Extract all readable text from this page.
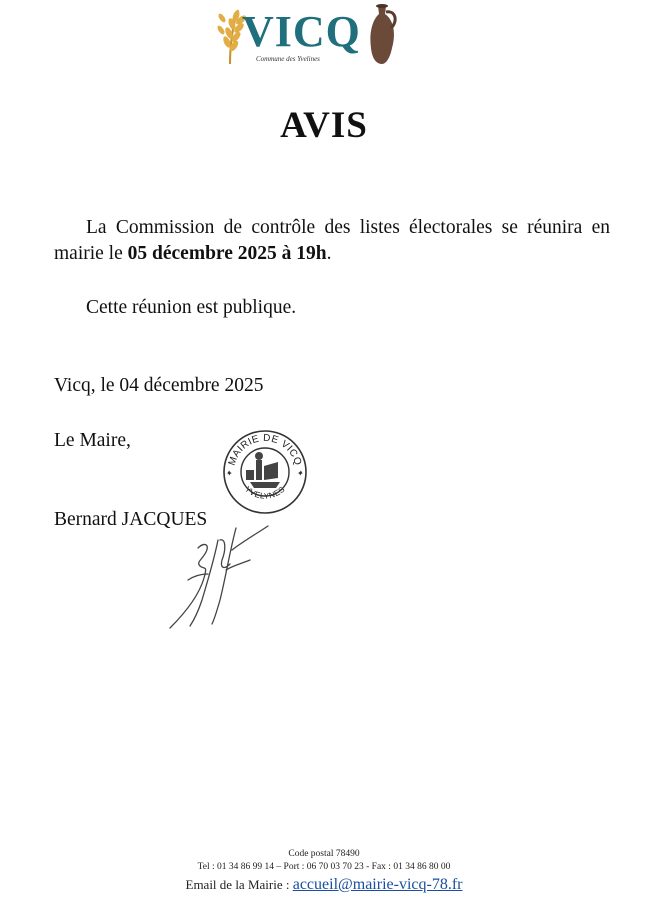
VICQ
Commune des Yvelines
AVIS
La Commission de contrôle des listes électorales se réunira en mairie le 05 décembre 2025 à 19h.
Cette réunion est publique.
Vicq, le 04 décembre 2025
Le Maire,
Bernard JACQUES
MAIRIE DE VICQ
YVELYNES
✦	✦
Code postal 78490
Tel : 01 34 86 99 14 – Port : 06 70 03 70 23 - Fax : 01 34 86 80 00
Email de la Mairie : accueil@mairie-vicq-78.fr
